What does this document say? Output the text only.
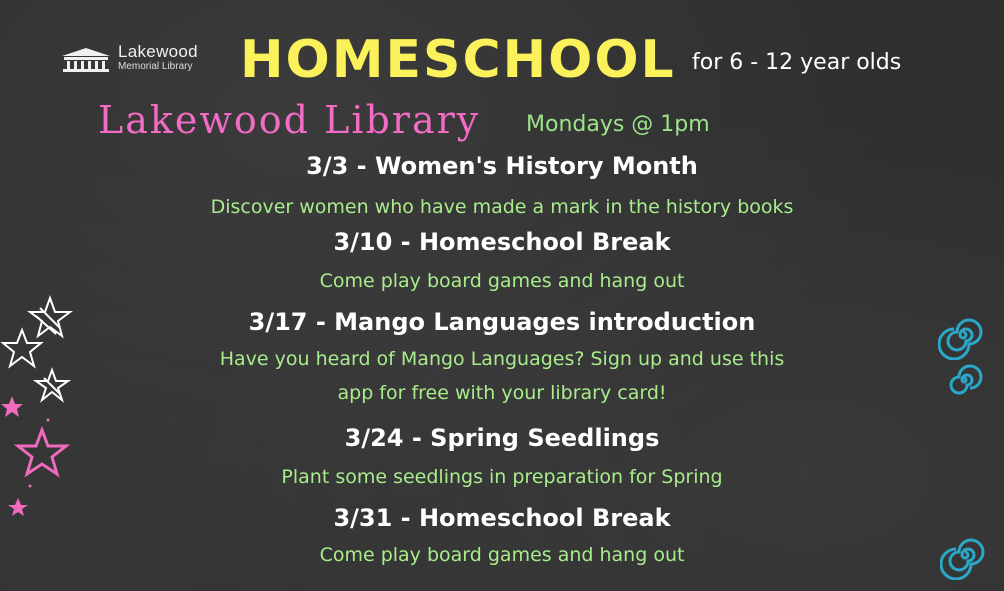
Lakewood
Memorial Library HOMESCHOOL for 6 - 12 year olds
Lakewood Library Mondays @ 1pm
3/3 - Women's History Month
Discover women who have made a mark in the history books
3/10 - Homeschool Break
Come play board games and hang out
3/17 - Mango Languages introduction
Have you heard of Mango Languages? Sign up and use this
app for free with your library card!
3/24 - Spring Seedlings
Plant some seedlings in preparation for Spring
3/31 - Homeschool Break
Come play board games and hang out
